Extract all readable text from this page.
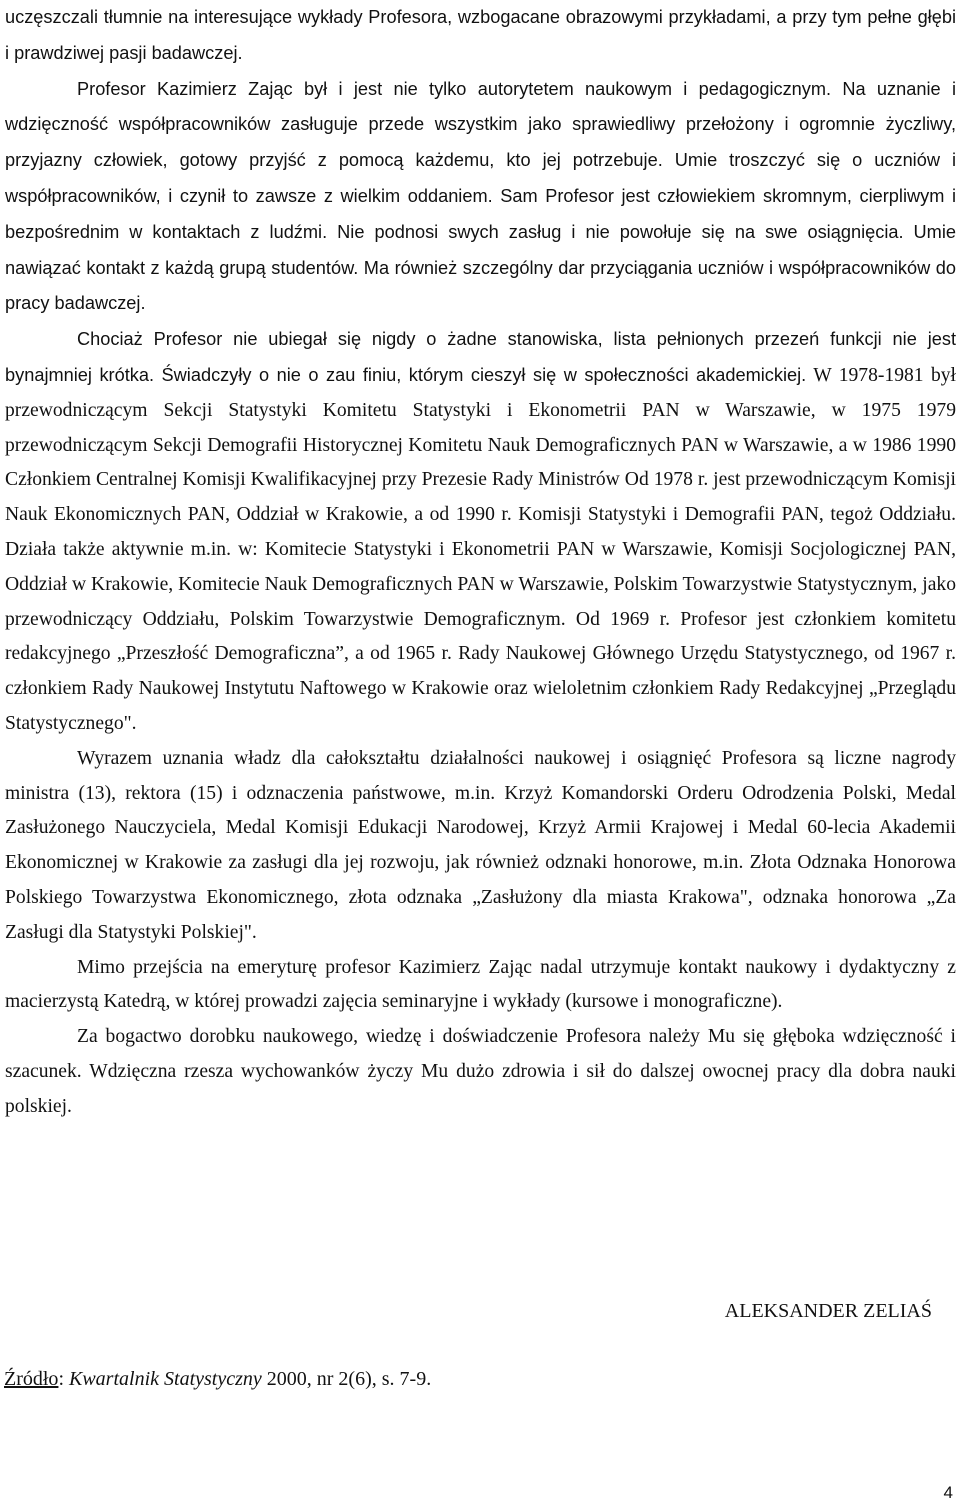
uczęszczali tłumnie na interesujące wykłady Profesora, wzbogacane obrazowymi przykładami, a przy tym pełne głębi i prawdziwej pasji badawczej.

Profesor Kazimierz Zając był i jest nie tylko autorytetem naukowym i pedagogicznym. Na uznanie i wdzięczność współpracowników zasługuje przede wszystkim jako sprawiedliwy przełożony i ogromnie życzliwy, przyjazny człowiek, gotowy przyjść z pomocą każdemu, kto jej potrzebuje. Umie troszczyć się o uczniów i współpracowników, i czynił to zawsze z wielkim oddaniem. Sam Profesor jest człowiekiem skromnym, cierpliwym i bezpośrednim w kontaktach z ludźmi. Nie podnosi swych zasług i nie powołuje się na swe osiągnięcia. Umie nawiązać kontakt z każdą grupą studentów. Ma również szczególny dar przyciągania uczniów i współpracowników do pracy badawczej.

Chociaż Profesor nie ubiegał się nigdy o żadne stanowiska, lista pełnionych przezeń funkcji nie jest bynajmniej krótka. Świadczyły o nie o zau finiu, którym cieszył się w społeczności akademickiej. W 1978-1981 był przewodniczącym Sekcji Statystyki Komitetu Statystyki i Ekonometrii PAN w Warszawie, w 1975 1979 przewodniczącym Sekcji Demografii Historycznej Komitetu Nauk Demograficznych PAN w Warszawie, a w 1986 1990 Członkiem Centralnej Komisji Kwalifikacyjnej przy Prezesie Rady Ministrów Od 1978 r. jest przewodniczącym Komisji Nauk Ekonomicznych PAN, Oddział w Krakowie, a od 1990 r. Komisji Statystyki i Demografii PAN, tegoż Oddziału. Działa także aktywnie m.in. w: Komitecie Statystyki i Ekonometrii PAN w Warszawie, Komisji Socjologicznej PAN, Oddział w Krakowie, Komitecie Nauk Demograficznych PAN w Warszawie, Polskim Towarzystwie Statystycznym, jako przewodniczący Oddziału, Polskim Towarzystwie Demograficznym. Od 1969 r. Profesor jest członkiem komitetu redakcyjnego „Przeszłość Demograficzna”, a od 1965 r. Rady Naukowej Głównego Urzędu Statystycznego, od 1967 r. członkiem Rady Naukowej Instytutu Naftowego w Krakowie oraz wieloletnim członkiem Rady Redakcyjnej „Przeglądu Statystycznego".

Wyrazem uznania władz dla całokształtu działalności naukowej i osiągnięć Profesora są liczne nagrody ministra (13), rektora (15) i odznaczenia państwowe, m.in. Krzyż Komandorski Orderu Odrodzenia Polski, Medal Zasłużonego Nauczyciela, Medal Komisji Edukacji Narodowej, Krzyż Armii Krajowej i Medal 60-lecia Akademii Ekonomicznej w Krakowie za zasługi dla jej rozwoju, jak również odznaki honorowe, m.in. Złota Odznaka Honorowa Polskiego Towarzystwa Ekonomicznego, złota odznaka „Zasłużony dla miasta Krakowa", odznaka honorowa „Za Zasługi dla Statystyki Polskiej".

Mimo przejścia na emeryturę profesor Kazimierz Zając nadal utrzymuje kontakt naukowy i dydaktyczny z macierzystą Katedrą, w której prowadzi zajęcia seminaryjne i wykłady (kursowe i monograficzne).

Za bogactwo dorobku naukowego, wiedzę i doświadczenie Profesora należy Mu się głęboka wdzięczność i szacunek. Wdzięczna rzesza wychowanków życzy Mu dużo zdrowia i sił do dalszej owocnej pracy dla dobra nauki polskiej.

ALEKSANDER ZELIAŚ
Źródło: Kwartalnik Statystyczny 2000, nr 2(6), s. 7-9.
4
